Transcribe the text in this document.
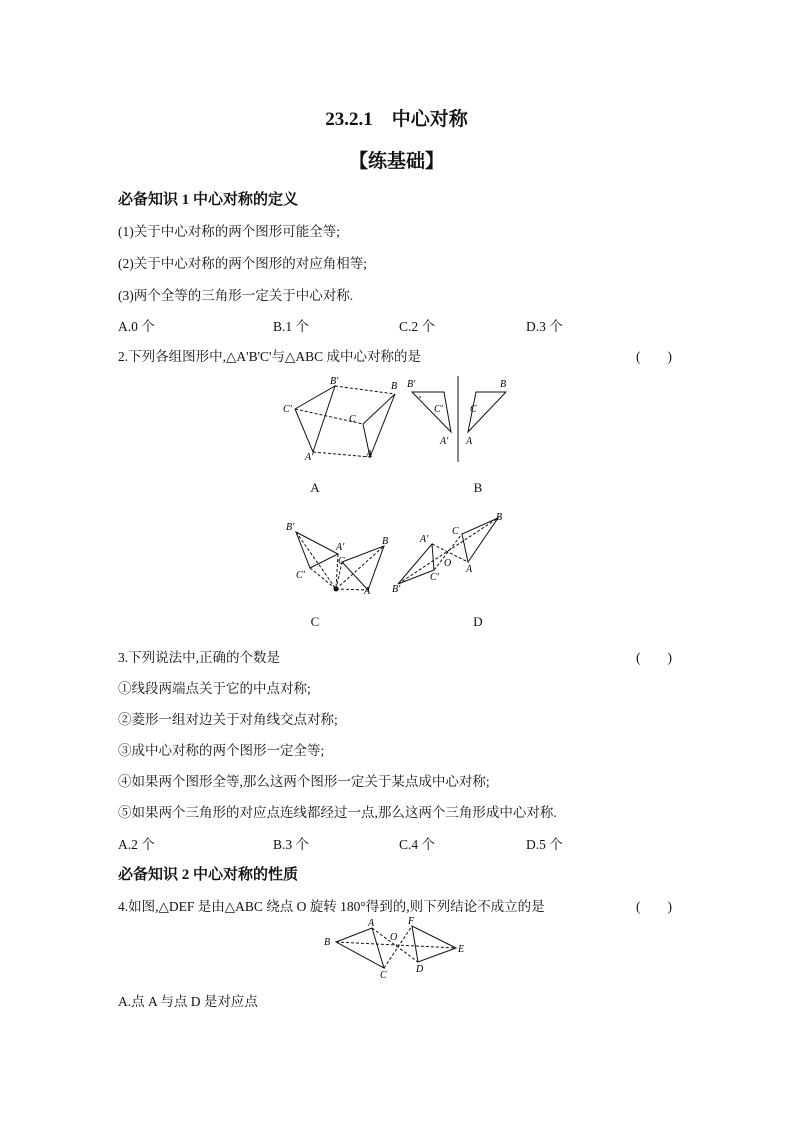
23.2.1　中心对称
【练基础】
必备知识 1 中心对称的定义
(1)关于中心对称的两个图形可能全等;
(2)关于中心对称的两个图形的对应角相等;
(3)两个全等的三角形一定关于中心对称.
A.0 个	B.1 个	C.2 个	D.3 个
2.下列各组图形中,△A'B'C'与△ABC 成中心对称的是	(　　)
C′
B′
A′
B
C
A
B′
C′
A′
B
C
A
A	B
B′
A′
C′
C
B
A
A′
C′
B′
O
C
B
A
C	D
3.下列说法中,正确的个数是	(　　)
①线段两端点关于它的中点对称;
②菱形一组对边关于对角线交点对称;
③成中心对称的两个图形一定全等;
④如果两个图形全等,那么这两个图形一定关于某点成中心对称;
⑤如果两个三角形的对应点连线都经过一点,那么这两个三角形成中心对称.
A.2 个	B.3 个	C.4 个	D.5 个
必备知识 2 中心对称的性质
4.如图,△DEF 是由△ABC 绕点 O 旋转 180°得到的,则下列结论不成立的是	(　　)
B
A
C
O
F
D
E
A.点 A 与点 D 是对应点
